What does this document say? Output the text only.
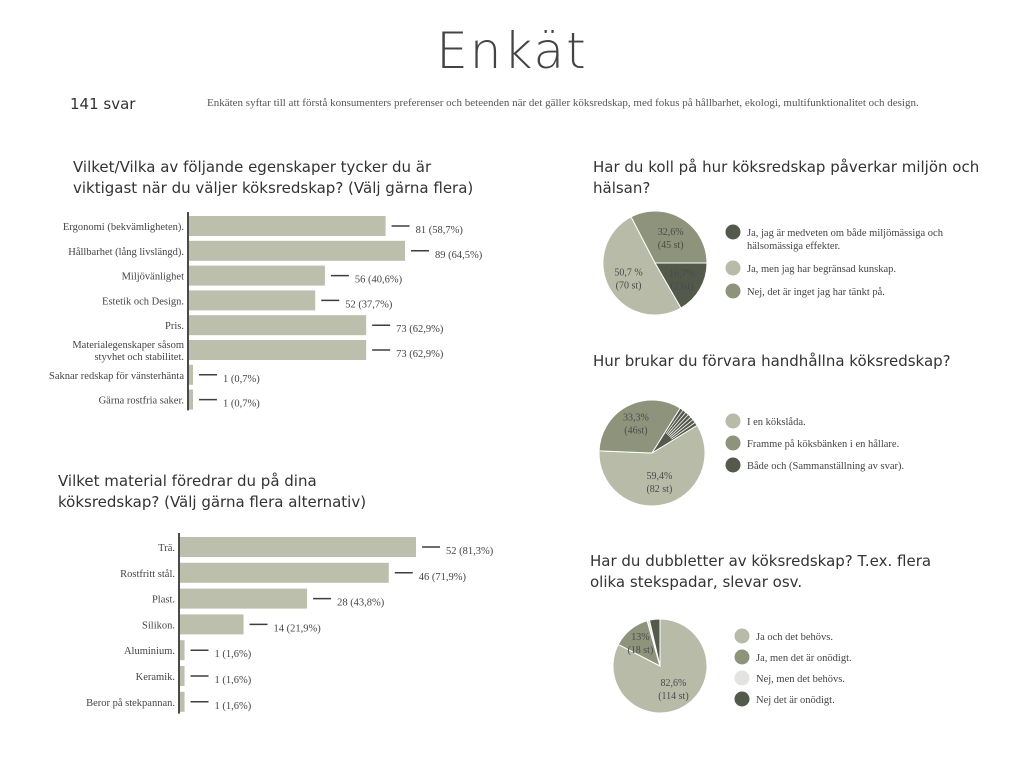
Enkät
141 svar	Enkäten syftar till att förstå konsumenters preferenser och beteenden när det gäller köksredskap, med fokus på hållbarhet, ekologi, multifunktionalitet och design.
Vilket/Vilka av följande egenskaper tycker du är
viktigast när du väljer köksredskap? (Välj gärna flera)
Vilket material föredrar du på dina
köksredskap? (Välj gärna flera alternativ)
Har du koll på hur köksredskap påverkar miljön och
hälsan?
Hur brukar du förvara handhållna köksredskap?
Har du dubbletter av köksredskap? T.ex. flera
olika stekspadar, slevar osv.
Ergonomi (bekvämligheten).	81 (58,7%)
Hållbarhet (lång livslängd).	89 (64,5%)
Miljövänlighet	56 (40,6%)
Estetik och Design.	52 (37,7%)
Pris.	73 (62,9%)
Materialegenskaper såsom
styvhet och stabilitet.	73 (62,9%)
Saknar redskap för vänsterhänta	1 (0,7%)
Gärna rostfria saker.	1 (0,7%)
Trä.	52 (81,3%)
Rostfritt stål.	46 (71,9%)
Plast.	28 (43,8%)
Silikon.	14 (21,9%)
Aluminium.	1 (1,6%)
Keramik.	1 (1,6%)
Beror på stekpannan.	1 (1,6%)
16,7%
(23st)
50,7 %
(70 st)
32,6%
(45 st)
Ja, jag är medveten om både miljömässiga och
hälsomässiga effekter.
Ja, men jag har begränsad kunskap.
Nej, det är inget jag har tänkt på.
59,4%
(82 st)
33,3%
(46st)
I en kökslåda.
Framme på köksbänken i en hållare.
Både och (Sammanställning av svar).
82,6%
(114 st)
13%
(18 st)
Ja och det behövs.
Ja, men det är onödigt.
Nej, men det behövs.
Nej det är onödigt.
